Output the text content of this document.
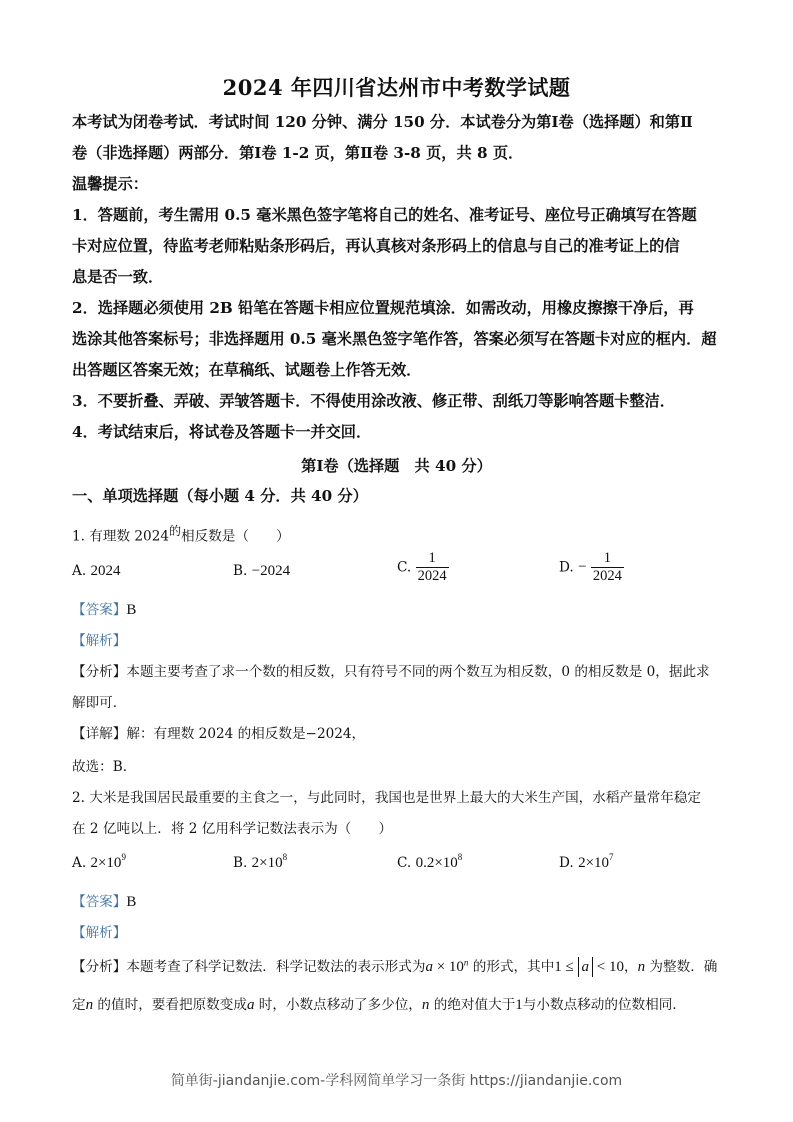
2024 年四川省达州市中考数学试题
本考试为闭卷考试．考试时间 120 分钟、满分 150 分．本试卷分为第Ⅰ卷（选择题）和第Ⅱ
卷（非选择题）两部分．第Ⅰ卷 1-2 页，第Ⅱ卷 3-8 页，共 8 页．
温馨提示：
1．答题前，考生需用 0.5 毫米黑色签字笔将自己的姓名、准考证号、座位号正确填写在答题
卡对应位置，待监考老师粘贴条形码后，再认真核对条形码上的信息与自己的准考证上的信
息是否一致．
2．选择题必须使用 2B 铅笔在答题卡相应位置规范填涂．如需改动，用橡皮擦擦干净后，再
选涂其他答案标号；非选择题用 0.5 毫米黑色签字笔作答，答案必须写在答题卡对应的框内．超
出答题区答案无效；在草稿纸、试题卷上作答无效．
3．不要折叠、弄破、弄皱答题卡．不得使用涂改液、修正带、刮纸刀等影响答题卡整洁．
4．考试结束后，将试卷及答题卡一并交回．
第Ⅰ卷（选择题　共 40 分）
一、单项选择题（每小题 4 分．共 40 分）
1. 有理数 $2024^的$相反数是（　　）
A. 2024	B. −2024	C. $\frac{1}{2024}$	D. − $\frac{1}{2024}$
【答案】B
【解析】
【分析】本题主要考查了求一个数的相反数，只有符号不同的两个数互为相反数，0 的相反数是 0，据此求
解即可．
【详解】解：有理数 2024 的相反数是−2024，
故选：B．
2. 大米是我国居民最重要的主食之一，与此同时，我国也是世界上最大的大米生产国，水稻产量常年稳定
在 2 亿吨以上．将 2 亿用科学记数法表示为（　　）
A. $2\times 10^9$	B. $2\times 10^8$	C. $0.2\times 10^8$	D. $2\times 10^7$
【答案】B
【解析】
【分析】本题考查了科学记数法．科学记数法的表示形式为$a \times 10^n$ 的形式，其中1 ≤ a < 10，n 为整数．确
定n 的值时，要看把原数变成a 时，小数点移动了多少位，n 的绝对值大于1与小数点移动的位数相同．
简单街-jiandanjie.com-学科网简单学习一条街 https://jiandanjie.com
